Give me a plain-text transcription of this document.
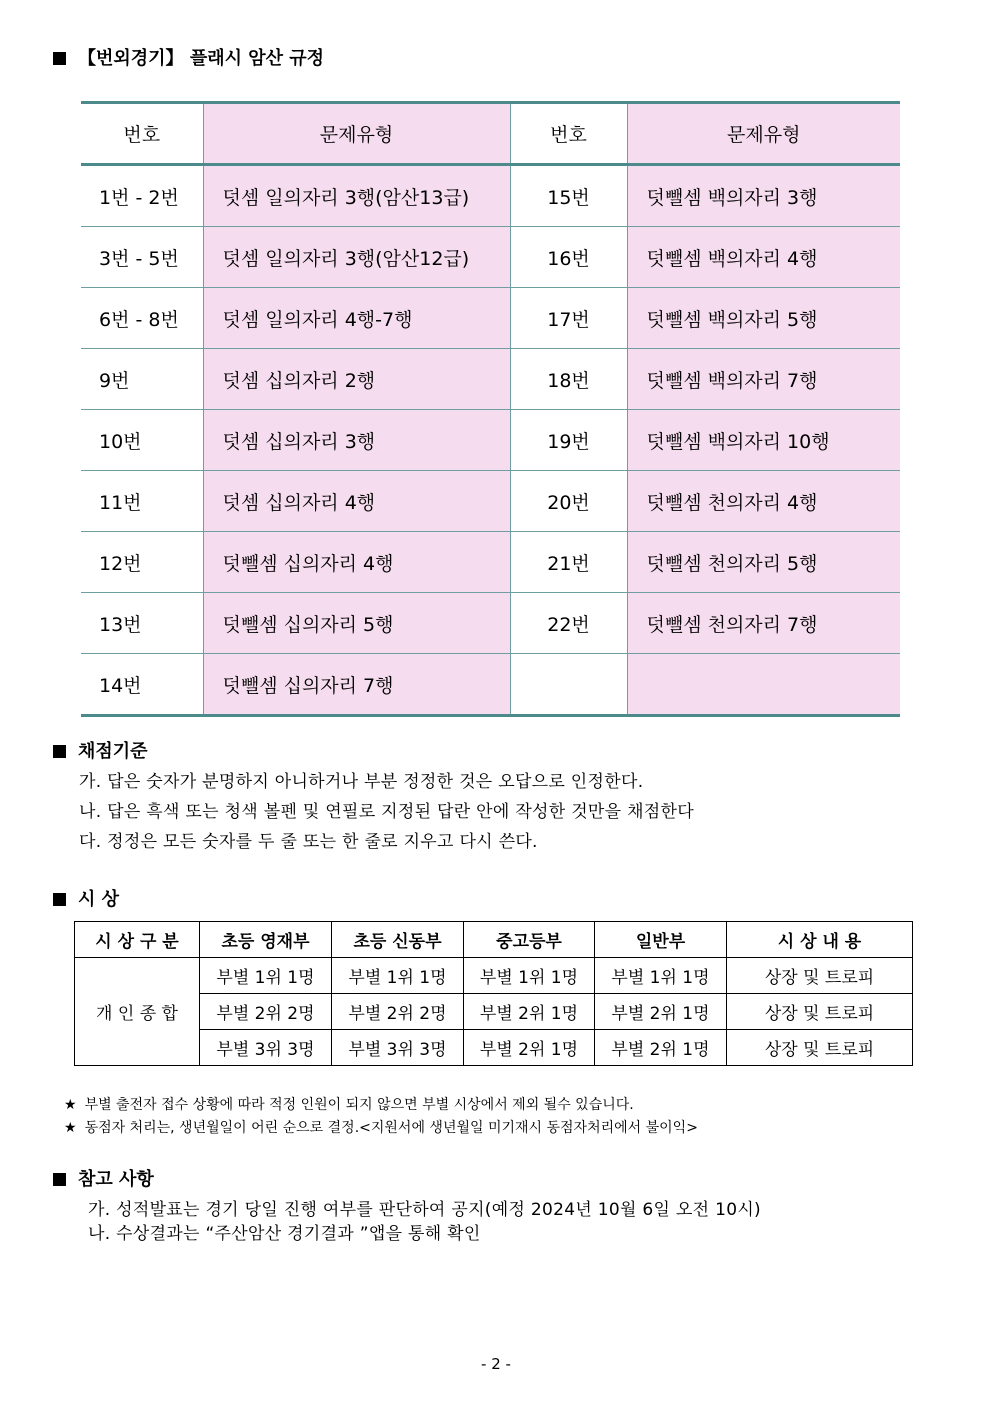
【번외경기】 플래시 암산 규정
번호	문제유형	번호	문제유형
1번 - 2번	덧셈 일의자리 3행(암산13급)	15번	덧뺄셈 백의자리 3행
3번 - 5번	덧셈 일의자리 3행(암산12급)	16번	덧뺄셈 백의자리 4행
6번 - 8번	덧셈 일의자리 4행-7행	17번	덧뺄셈 백의자리 5행
9번	덧셈 십의자리 2행	18번	덧뺄셈 백의자리 7행
10번	덧셈 십의자리 3행	19번	덧뺄셈 백의자리 10행
11번	덧셈 십의자리 4행	20번	덧뺄셈 천의자리 4행
12번	덧뺄셈 십의자리 4행	21번	덧뺄셈 천의자리 5행
13번	덧뺄셈 십의자리 5행	22번	덧뺄셈 천의자리 7행
14번	덧뺄셈 십의자리 7행		
채점기준
가. 답은 숫자가 분명하지 아니하거나 부분 정정한 것은 오답으로 인정한다.
나. 답은 흑색 또는 청색 볼펜 및 연필로 지정된 답란 안에 작성한 것만을 채점한다
다. 정정은 모든 숫자를 두 줄 또는 한 줄로 지우고 다시 쓴다.
시 상
시 상 구 분	초등 영재부	초등 신동부	중고등부	일반부	시 상 내 용
개 인 종 합	부별 1위 1명	부별 1위 1명	부별 1위 1명	부별 1위 1명	상장 및 트로피
	부별 2위 2명	부별 2위 2명	부별 2위 1명	부별 2위 1명	상장 및 트로피
	부별 3위 3명	부별 3위 3명	부별 2위 1명	부별 2위 1명	상장 및 트로피
★ 부별 출전자 접수 상황에 따라 적정 인원이 되지 않으면 부별 시상에서 제외 될수 있습니다.
★ 동점자 처리는, 생년월일이 어린 순으로 결정.<지원서에 생년월일 미기재시 동점자처리에서 불이익>
참고 사항
가. 성적발표는 경기 당일 진행 여부를 판단하여 공지(예정 2024년 10월 6일 오전 10시)
나. 수상결과는 “주산암산 경기결과 ”앱을 통해 확인
- 2 -
